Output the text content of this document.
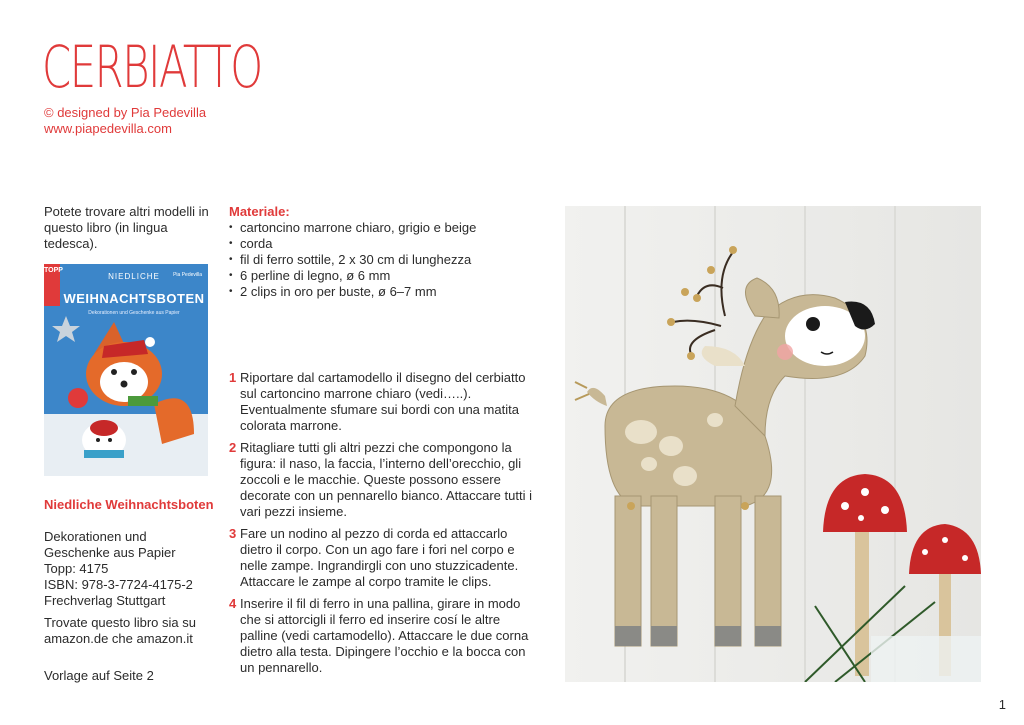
CERBIATTO
© designed by Pia Pedevilla
www.piapedevilla.com

Potete trovare altri modelli in questo libro (in lingua tedesca).

TOPP
Pia Pedevilla
NIEDLICHE
WEIHNACHTSBOTEN
Dekorationen und Geschenke aus Papier
Niedliche Weihnachtsboten
Dekorationen und Geschenke aus Papier
Topp: 4175
ISBN: 978-3-7724-4175-2
Frechverlag Stuttgart
Trovate questo libro sia su amazon.de che amazon.it
Vorlage auf Seite 2
Materiale:
• cartoncino marrone chiaro, grigio e beige
• corda
• fil di ferro sottile, 2 x 30 cm di lunghezza
• 6 perline di legno, ø 6 mm
• 2 clips in oro per buste, ø 6–7 mm
1 Riportare dal cartamodello il disegno del cerbiatto sul cartoncino marrone chiaro (vedi…..). Eventualmente sfumare sui bordi con una matita colorata marrone.
2 Ritagliare tutti gli altri pezzi che compongono la figura: il naso, la faccia, l’interno dell’orecchio, gli zoccoli e le macchie. Queste possono essere decorate con un pennarello bianco. Attaccare tutti i vari pezzi insieme.
3 Fare un nodino al pezzo di corda ed attaccarlo dietro il corpo. Con un ago fare i fori nel corpo e nelle zampe. Ingrandirgli con uno stuzzicadente. Attaccare le zampe al corpo tramite le clips.
4 Inserire il fil di ferro in una pallina, girare in modo che si attorcigli il ferro ed inserire cosí le altre palline (vedi cartamodello). Attaccare le due corna dietro alla testa. Dipingere l’occhio e la bocca con un pennarello.
1
